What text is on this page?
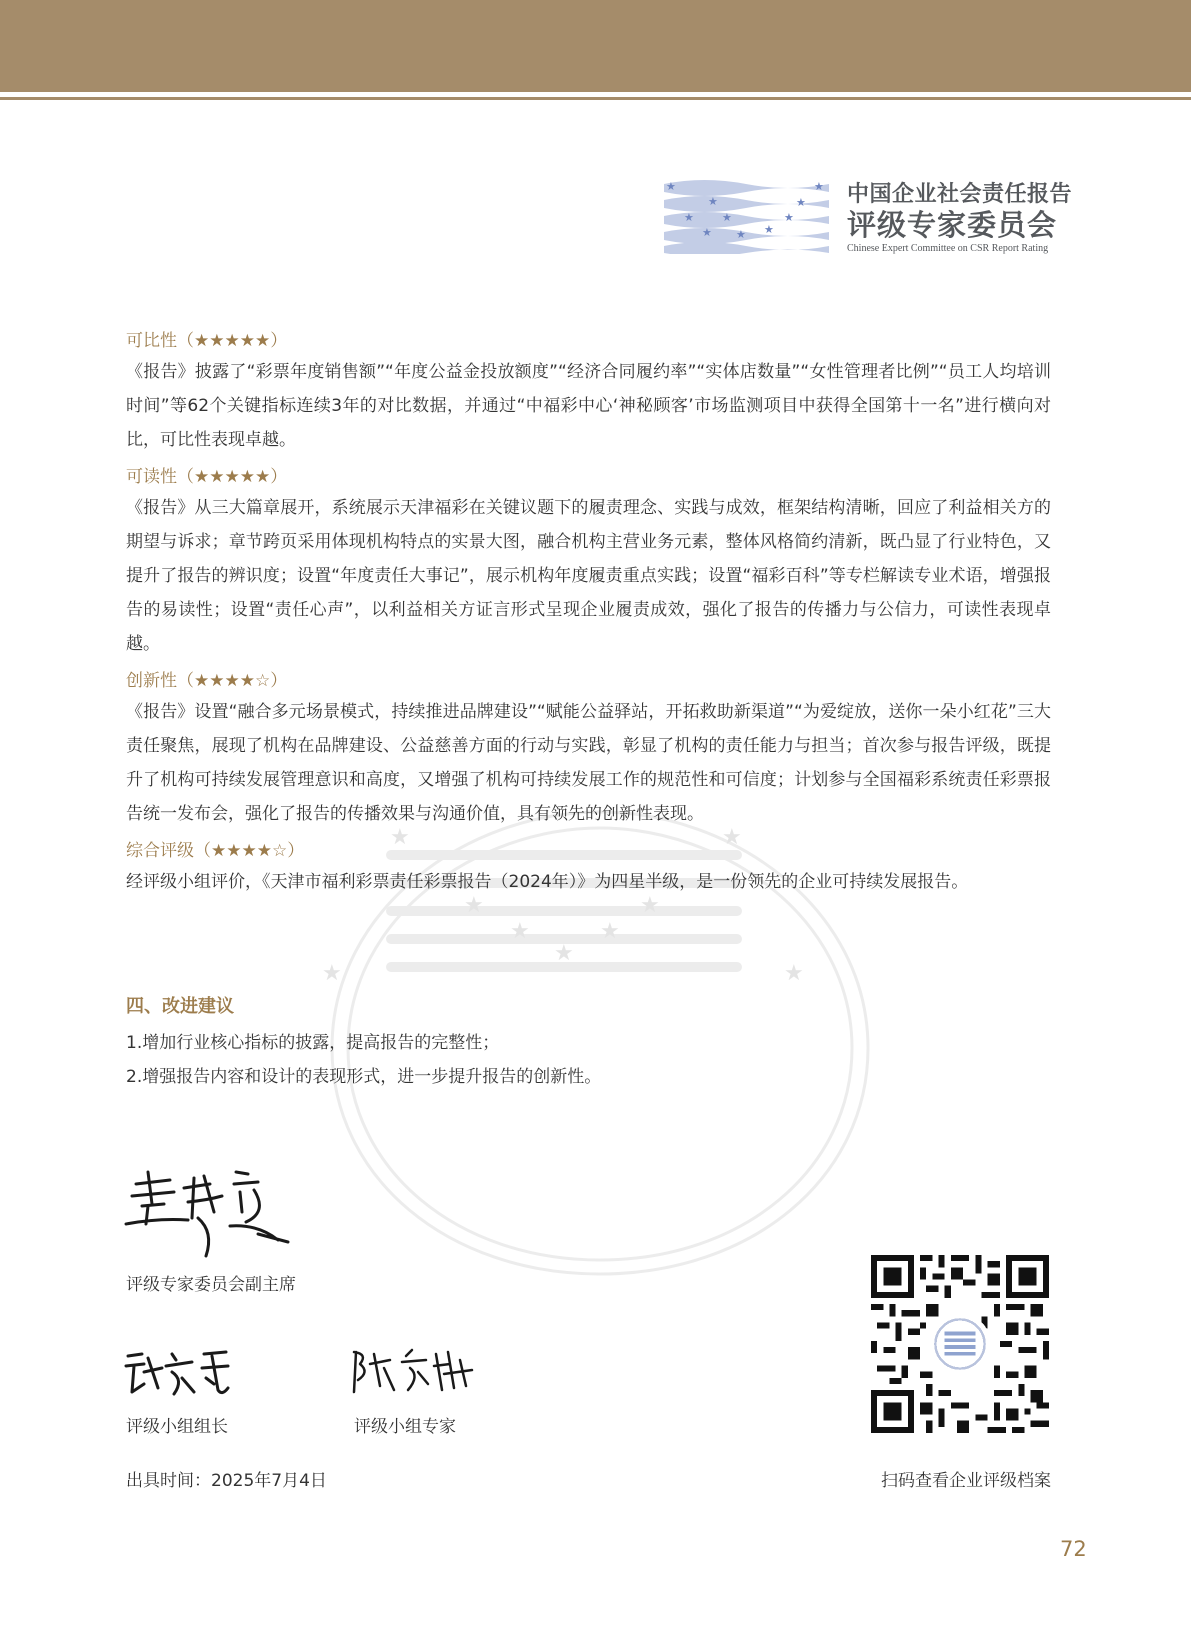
★
★
★	★
★ ★
★
★
★
★
中国企业社会责任报告
评级专家委员会
Chinese Expert Committee on CSR Report Rating
★	★
★	★
★	★
★
★	★

可比性（★★★★★）

《报告》披露了“彩票年度销售额”“年度公益金投放额度”“经济合同履约率”“实体店数量”“女性管理者比例”“员工人均培训时间”等62个关键指标连续3年的对比数据，并通过“中福彩中心‘神秘顾客’市场监测项目中获得全国第十一名”进行横向对比，可比性表现卓越。

可读性（★★★★★）

《报告》从三大篇章展开，系统展示天津福彩在关键议题下的履责理念、实践与成效，框架结构清晰，回应了利益相关方的期望与诉求；章节跨页采用体现机构特点的实景大图，融合机构主营业务元素，整体风格简约清新，既凸显了行业特色，又提升了报告的辨识度；设置“年度责任大事记”，展示机构年度履责重点实践；设置“福彩百科”等专栏解读专业术语，增强报告的易读性；设置“责任心声”，以利益相关方证言形式呈现企业履责成效，强化了报告的传播力与公信力，可读性表现卓越。

创新性（★★★★☆）

《报告》设置“融合多元场景模式，持续推进品牌建设”“赋能公益驿站，开拓救助新渠道”“为爱绽放，送你一朵小红花”三大责任聚焦，展现了机构在品牌建设、公益慈善方面的行动与实践，彰显了机构的责任能力与担当；首次参与报告评级，既提升了机构可持续发展管理意识和高度，又增强了机构可持续发展工作的规范性和可信度；计划参与全国福彩系统责任彩票报告统一发布会，强化了报告的传播效果与沟通价值，具有领先的创新性表现。

综合评级（★★★★☆）

经评级小组评价，《天津市福利彩票责任彩票报告（2024年）》为四星半级，是一份领先的企业可持续发展报告。

四、改进建议

1.增加行业核心指标的披露，提高报告的完整性；

2.增强报告内容和设计的表现形式，进一步提升报告的创新性。

评级专家委员会副主席
评级小组组长	评级小组专家
出具时间：2025年7月4日	扫码查看企业评级档案
72
